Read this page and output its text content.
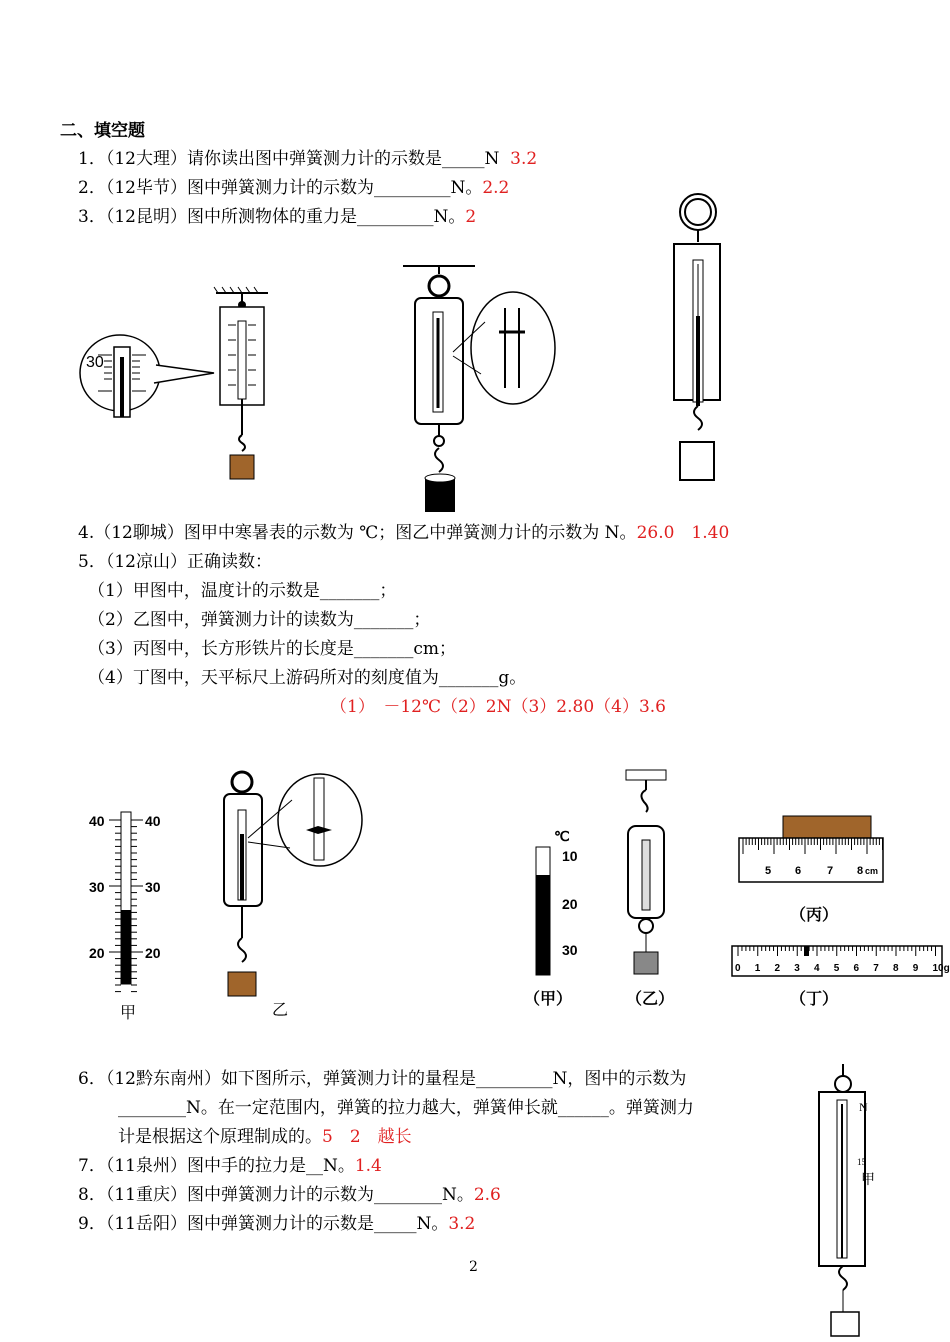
二、填空题
1．（12大理）请你读出图中弹簧测力计的示数是_____N 3.2
2．（12毕节）图中弹簧测力计的示数为_________N。2.2
3．（12昆明）图中所测物体的重力是_________N。2
4.（12聊城）图甲中寒暑表的示数为 ℃；图乙中弹簧测力计的示数为 N。26.0　1.40
5．（12凉山）正确读数：
（1）甲图中，温度计的示数是_______；
（2）乙图中，弹簧测力计的读数为_______；
（3）丙图中，长方形铁片的长度是_______cm；
（4）丁图中，天平标尺上游码所对的刻度值为_______g。
（1）　－12℃（2）2N（3）2.80（4）3.6
6．（12黔东南州）如下图所示，弹簧测力计的量程是_________N，图中的示数为
________N。在一定范围内，弹簧的拉力越大，弹簧伸长就______。弹簧测力
计是根据这个原理制成的。5　2　越长
7．（11泉州）图中手的拉力是__N。1.4
8．（11重庆）图中弹簧测力计的示数为________N。2.6
9．（11岳阳）图中弹簧测力计的示数是_____N。3.2
2
30
40	40
30	30
20	20
甲	乙
℃
10
20
30
（甲）	（乙）
5 6 7 8 cm
（丙）
0 1 2 3 4 5 6 7 8 9 10g
（丁）
N
15
甲
